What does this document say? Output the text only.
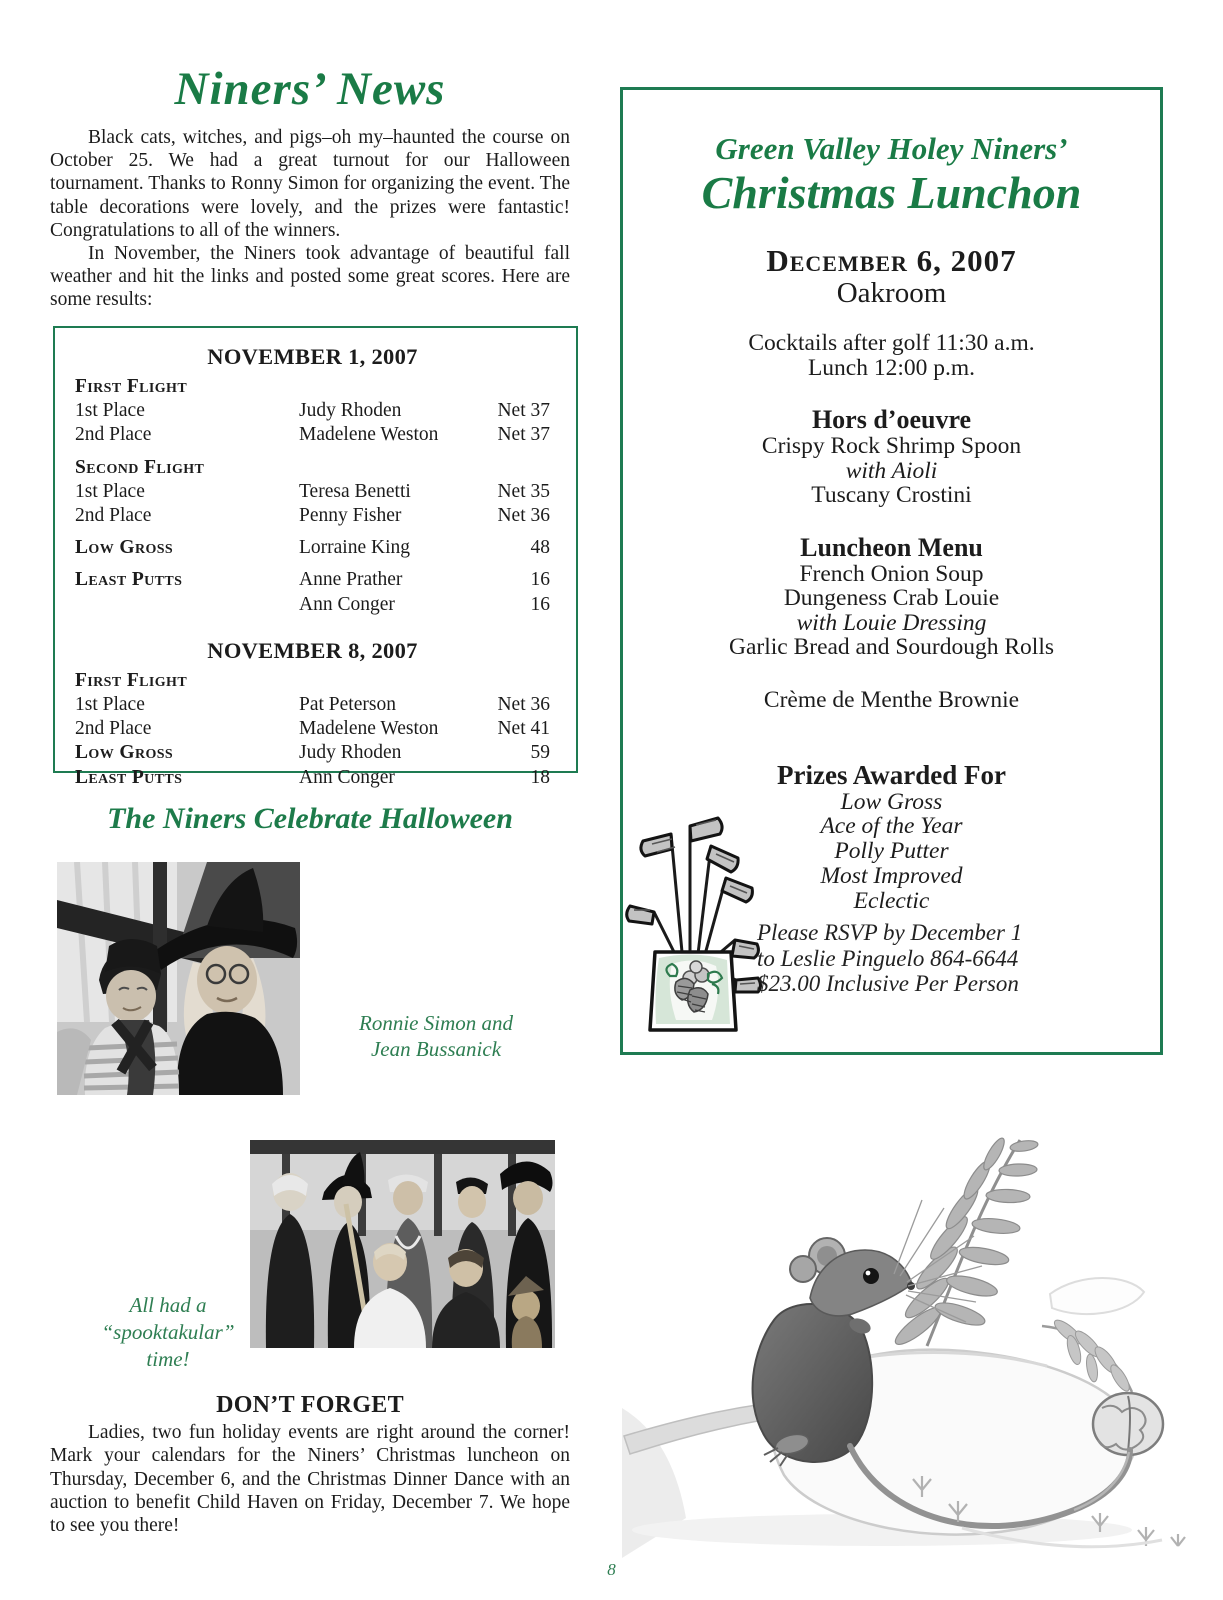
Niners’ News

Black cats, witches, and pigs–oh my–haunted the course on October 25. We had a great turnout for our Halloween tournament. Thanks to Ronny Simon for organizing the event. The table decorations were lovely, and the prizes were fantastic! Congratulations to all of the winners.

In November, the Niners took advantage of beautiful fall weather and hit the links and posted some great scores. Here are some results:

NOVEMBER 1, 2007
First Flight
1st Place	Judy Rhoden	Net 37
2nd Place	Madelene Weston	Net 37
Second Flight
1st Place	Teresa Benetti	Net 35
2nd Place	Penny Fisher	Net 36
Low Gross	Lorraine King	48
Least Putts	Anne Prather	16
Ann Conger	16
NOVEMBER 8, 2007
First Flight
1st Place	Pat Peterson	Net 36
2nd Place	Madelene Weston	Net 41
Low Gross	Judy Rhoden	59
Least Putts	Ann Conger	18
The Niners Celebrate Halloween
Ronnie Simon and
Jean Bussanick
All had a
“spooktakular” time!
DON’T FORGET

Ladies, two fun holiday events are right around the corner! Mark your calendars for the Niners’ Christmas luncheon on Thursday, December 6, and the Christmas Dinner Dance with an auction to benefit Child Haven on Friday, December 7. We hope to see you there!

Green Valley Holey Niners’
Christmas Lunchon
December 6, 2007
Oakroom
Cocktails after golf 11:30 a.m.
Lunch 12:00 p.m.
Hors d’oeuvre
Crispy Rock Shrimp Spoon
with Aioli
Tuscany Crostini
Luncheon Menu
French Onion Soup
Dungeness Crab Louie
with Louie Dressing
Garlic Bread and Sourdough Rolls
Crème de Menthe Brownie
Prizes Awarded For
Low Gross
Ace of the Year
Polly Putter
Most Improved
Eclectic
Please RSVP by December 1
to Leslie Pinguelo 864-6644
$23.00 Inclusive Per Person
8
